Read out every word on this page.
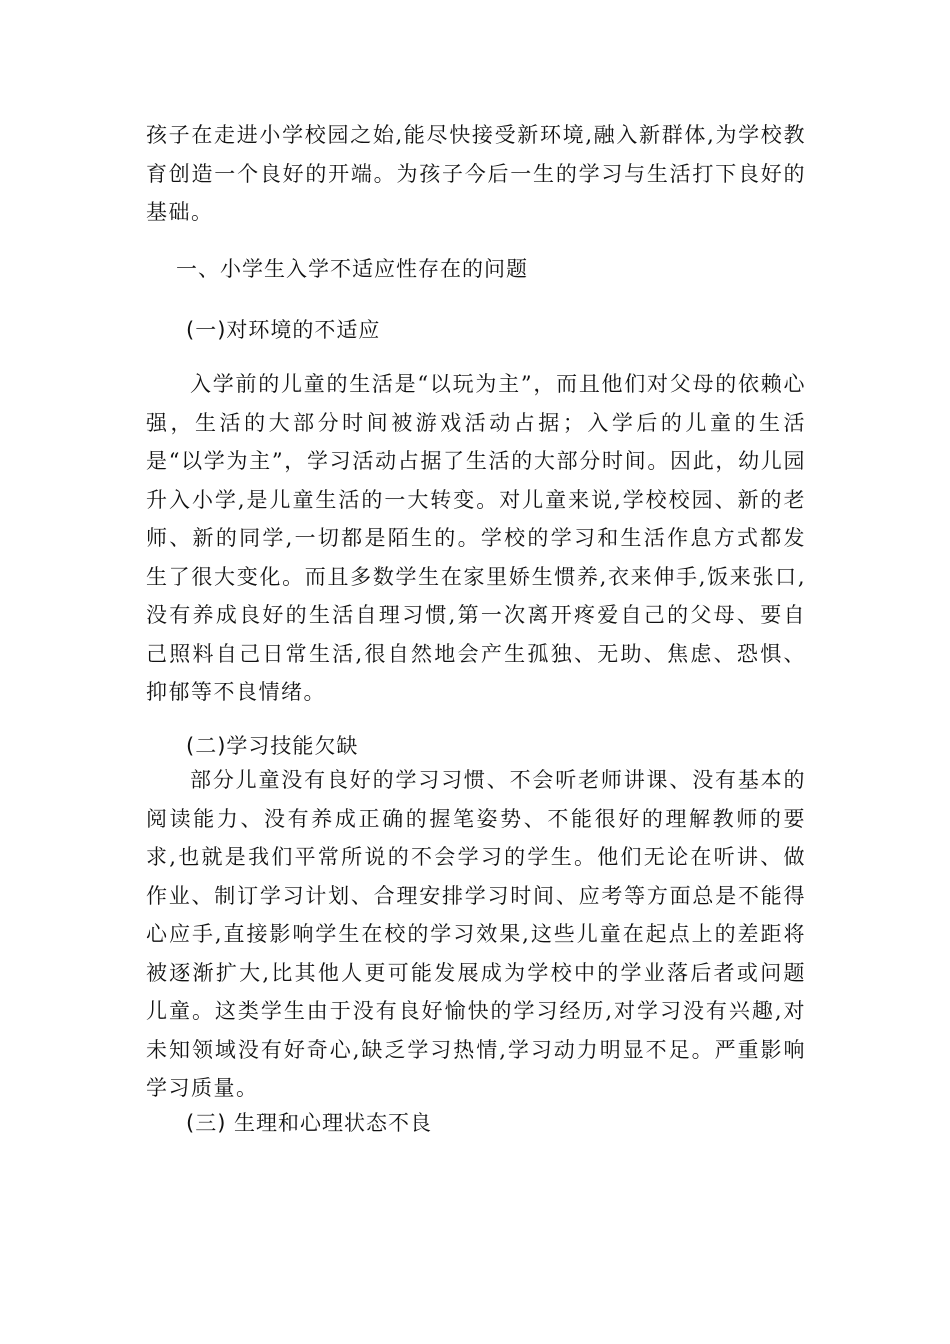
孩子在走进小学校园之始,能尽快接受新环境,融入新群体,为学校教育创造一个良好的开端。为孩子今后一生的学习与生活打下良好的基础。

一、小学生入学不适应性存在的问题
(一)对环境的不适应

入学前的儿童的生活是“以玩为主”，而且他们对父母的依赖心强，生活的大部分时间被游戏活动占据；入学后的儿童的生活是“以学为主”，学习活动占据了生活的大部分时间。因此，幼儿园升入小学,是儿童生活的一大转变。对儿童来说,学校校园、新的老师、新的同学,一切都是陌生的。学校的学习和生活作息方式都发生了很大变化。而且多数学生在家里娇生惯养,衣来伸手,饭来张口,没有养成良好的生活自理习惯,第一次离开疼爱自己的父母、要自己照料自己日常生活,很自然地会产生孤独、无助、焦虑、恐惧、抑郁等不良情绪。

(二)学习技能欠缺

部分儿童没有良好的学习习惯、不会听老师讲课、没有基本的阅读能力、没有养成正确的握笔姿势、不能很好的理解教师的要求,也就是我们平常所说的不会学习的学生。他们无论在听讲、做作业、制订学习计划、合理安排学习时间、应考等方面总是不能得心应手,直接影响学生在校的学习效果,这些儿童在起点上的差距将被逐渐扩大,比其他人更可能发展成为学校中的学业落后者或问题儿童。这类学生由于没有良好愉快的学习经历,对学习没有兴趣,对未知领域没有好奇心,缺乏学习热情,学习动力明显不足。严重影响学习质量。

(三) 生理和心理状态不良
